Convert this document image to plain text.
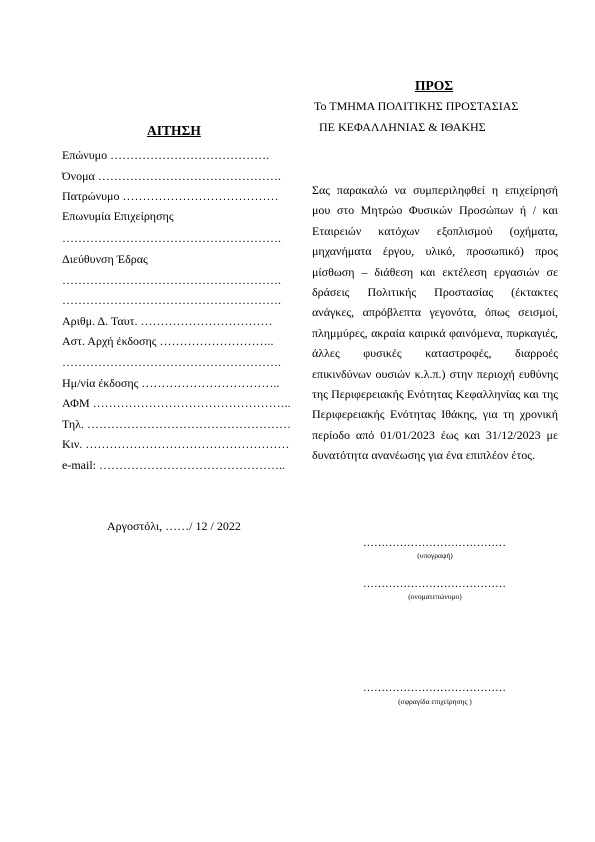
ΑΙΤΗΣΗ
Επώνυμο ………………………………….
Όνομα ……………………………………….
Πατρώνυμο …………………………………
Επωνυμία Επιχείρησης
……………………………………………….
Διεύθυνση Έδρας
……………………………………………….
……………………………………………….
Αριθμ. Δ. Ταυτ. ……………………………
Αστ. Αρχή έκδοσης ………………………..
……………………………………………….
Ημ/νία έκδοσης ……………………………..
ΑΦΜ …………………………………………..
Τηλ. ……………………………………………
Κιν. ……………………………………………
e-mail: ………………………………………..
Αργοστόλι, ……/ 12 / 2022
ΠΡΟΣ
Το ΤΜΗΜΑ ΠΟΛΙΤΙΚΗΣ ΠΡΟΣΤΑΣΙΑΣ
ΠΕ ΚΕΦΑΛΛΗΝΙΑΣ & ΙΘΑΚΗΣ
Σας παρακαλώ να συμπεριληφθεί η επιχείρησή μου στο Μητρώο Φυσικών Προσώπων ή / και Εταιρειών κατόχων εξοπλισμού (οχήματα, μηχανήματα έργου, υλικό, προσωπικό) προς μίσθωση – διάθεση και εκτέλεση εργασιών σε δράσεις Πολιτικής Προστασίας (έκτακτες ανάγκες, απρόβλεπτα γεγονότα, όπως σεισμοί, πλημμύρες, ακραία καιρικά φαινόμενα, πυρκαγιές, άλλες φυσικές καταστροφές, διαρροές επικινδύνων ουσιών κ.λ.π.) στην περιοχή ευθύνης της Περιφερειακής Ενότητας Κεφαλληνίας και της Περιφερειακής Ενότητας Ιθάκης, για τη χρονική περίοδο από 01/01/2023 έως και 31/12/2023 με δυνατότητα ανανέωσης για ένα επιπλέον έτος.
…………………………………
(υπογραφή)
…………………………………
(ονοματεπώνυμο)
…………………………………
(σφραγίδα επιχείρησης )
